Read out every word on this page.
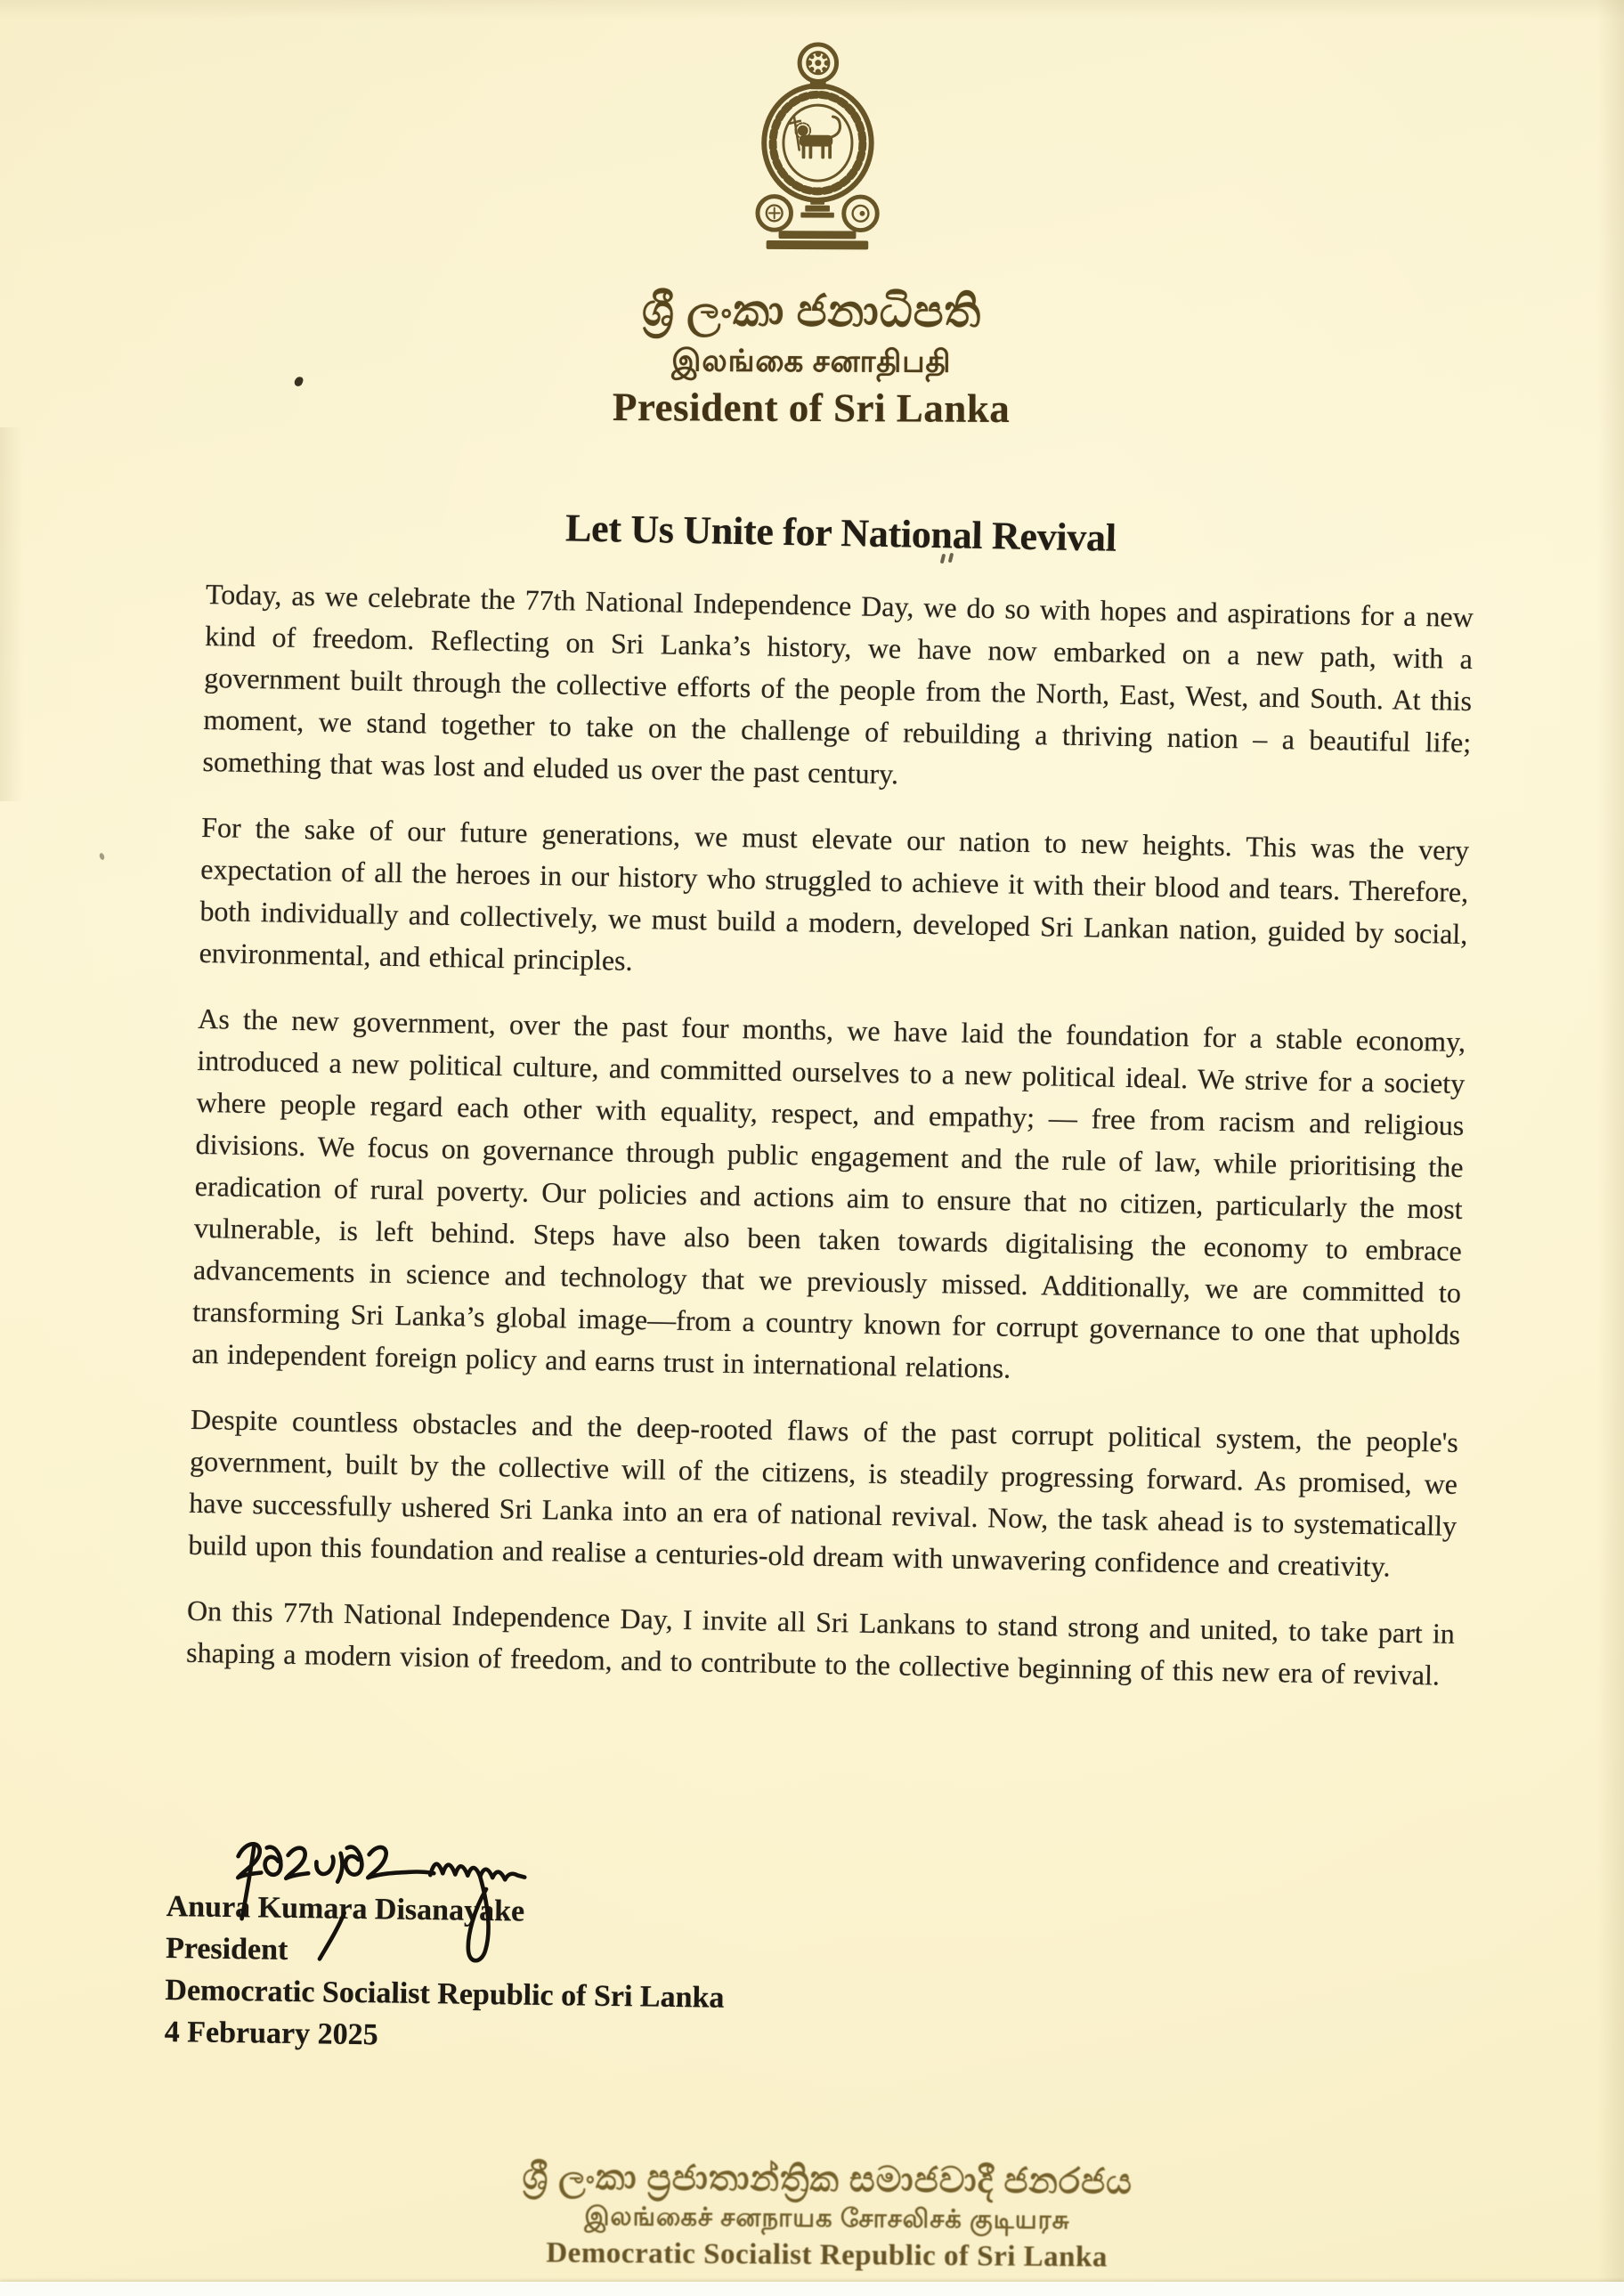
ශ්‍රී ලංකා ජනාධිපති
இலங்கை சனாதிபதி
President of Sri Lanka
Let Us Unite for National Revival

Today, as we celebrate the 77th National Independence Day, we do so with hopes and aspirations for a new kind of freedom. Reflecting on Sri Lanka’s history, we have now embarked on a new path, with a government built through the collective efforts of the people from the North, East, West, and South. At this moment, we stand together to take on the challenge of rebuilding a thriving nation – a beautiful life; something that was lost and eluded us over the past century.

For the sake of our future generations, we must elevate our nation to new heights. This was the very expectation of all the heroes in our history who struggled to achieve it with their blood and tears. Therefore, both individually and collectively, we must build a modern, developed Sri Lankan nation, guided by social, environmental, and ethical principles.

As the new government, over the past four months, we have laid the foundation for a stable economy, introduced a new political culture, and committed ourselves to a new political ideal. We strive for a society where people regard each other with equality, respect, and empathy; — free from racism and religious divisions. We focus on governance through public engagement and the rule of law, while prioritising the eradication of rural poverty. Our policies and actions aim to ensure that no citizen, particularly the most vulnerable, is left behind. Steps have also been taken towards digitalising the economy to embrace advancements in science and technology that we previously missed. Additionally, we are committed to transforming Sri Lanka’s global image—from a country known for corrupt governance to one that upholds an independent foreign policy and earns trust in international relations.

Despite countless obstacles and the deep-rooted flaws of the past corrupt political system, the people's government, built by the collective will of the citizens, is steadily progressing forward. As promised, we have successfully ushered Sri Lanka into an era of national revival. Now, the task ahead is to systematically build upon this foundation and realise a centuries-old dream with unwavering confidence and creativity.

On this 77th National Independence Day, I invite all Sri Lankans to stand strong and united, to take part in shaping a modern vision of freedom, and to contribute to the collective beginning of this new era of revival.

Anura Kumara Disanayake
President
Democratic Socialist Republic of Sri Lanka
4 February 2025
ශ්‍රී ලංකා ප්‍රජාතාන්ත්‍රික සමාජවාදී ජනරජය
இலங்கைச் சனநாயக சோசலிசக் குடியரசு
Democratic Socialist Republic of Sri Lanka
